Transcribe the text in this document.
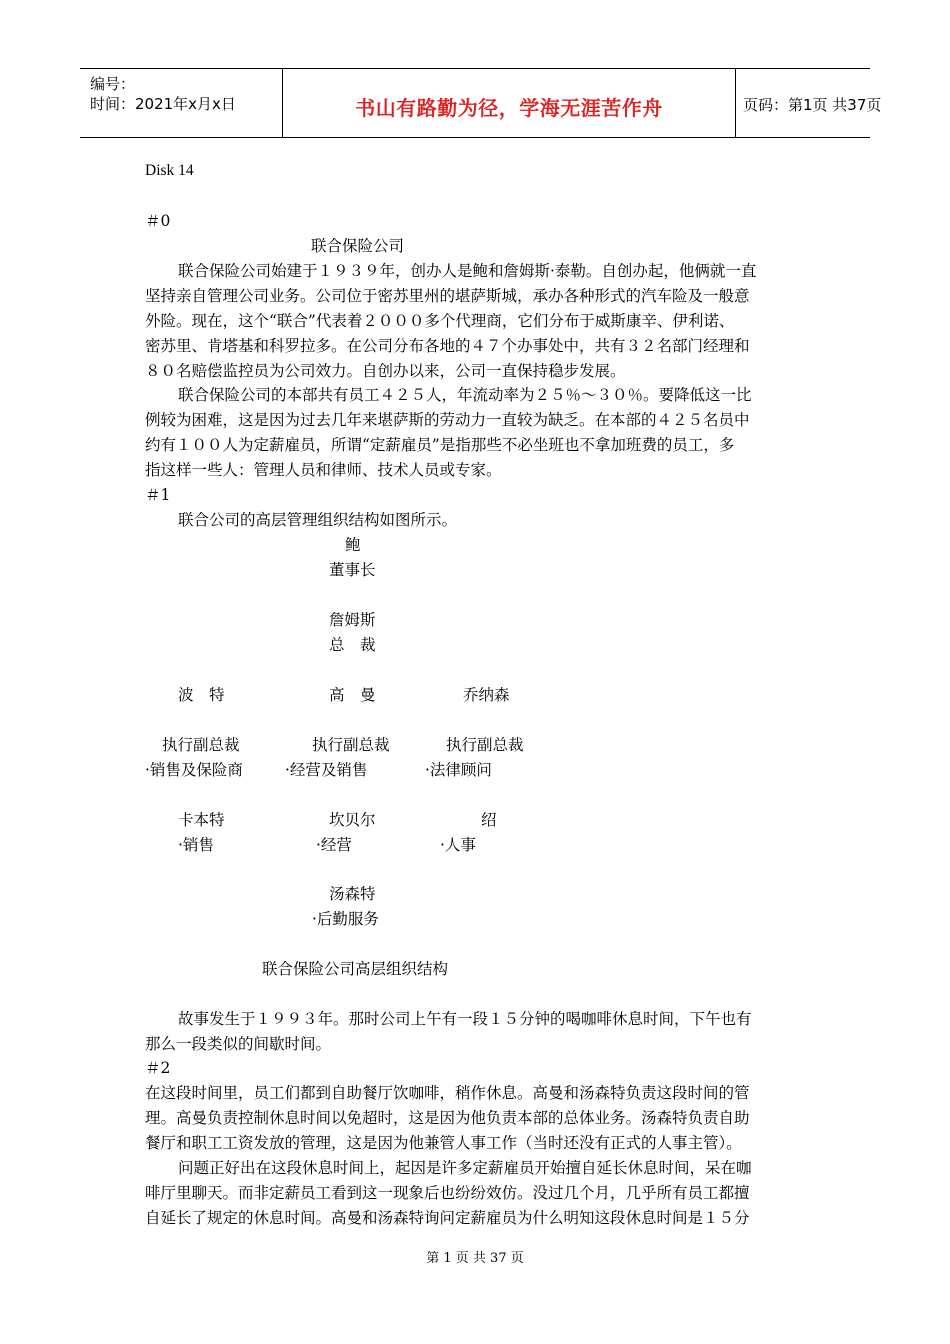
编号：
时间：2021年x月x日	书山有路勤为径，学海无涯苦作舟	页码：第1页 共37页
Disk 14
＃0
联合保险公司
联合保险公司始建于１９３９年，创办人是鲍和詹姆斯·泰勒。自创办起，他俩就一直
坚持亲自管理公司业务。公司位于密苏里州的堪萨斯城，承办各种形式的汽车险及一般意
外险。现在，这个“联合”代表着２０００多个代理商，它们分布于威斯康辛、伊利诺、
密苏里、肯塔基和科罗拉多。在公司分布各地的４７个办事处中，共有３２名部门经理和
８０名赔偿监控员为公司效力。自创办以来，公司一直保持稳步发展。
联合保险公司的本部共有员工４２５人，年流动率为２５％～３０％。要降低这一比
例较为困难，这是因为过去几年来堪萨斯的劳动力一直较为缺乏。在本部的４２５名员中
约有１００人为定薪雇员，所谓“定薪雇员”是指那些不必坐班也不拿加班费的员工，多
指这样一些人：管理人员和律师、技术人员或专家。
＃1
联合公司的高层管理组织结构如图所示。
鲍
董事长
詹姆斯
总　裁
波　特	高　曼	乔纳森
执行副总裁	执行副总裁	执行副总裁
·销售及保险商	·经营及销售	·法律顾问
卡本特	坎贝尔	绍
·销售	·经营	·人事
汤森特
·后勤服务
联合保险公司高层组织结构
故事发生于１９９３年。那时公司上午有一段１５分钟的喝咖啡休息时间，下午也有
那么一段类似的间歇时间。
＃2
在这段时间里，员工们都到自助餐厅饮咖啡，稍作休息。高曼和汤森特负责这段时间的管
理。高曼负责控制休息时间以免超时，这是因为他负责本部的总体业务。汤森特负责自助
餐厅和职工工资发放的管理，这是因为他兼管人事工作（当时还没有正式的人事主管）。
问题正好出在这段休息时间上，起因是许多定薪雇员开始擅自延长休息时间，呆在咖
啡厅里聊天。而非定薪员工看到这一现象后也纷纷效仿。没过几个月，几乎所有员工都擅
自延长了规定的休息时间。高曼和汤森特询问定薪雇员为什么明知这段休息时间是１５分
第 1 页 共 37 页
